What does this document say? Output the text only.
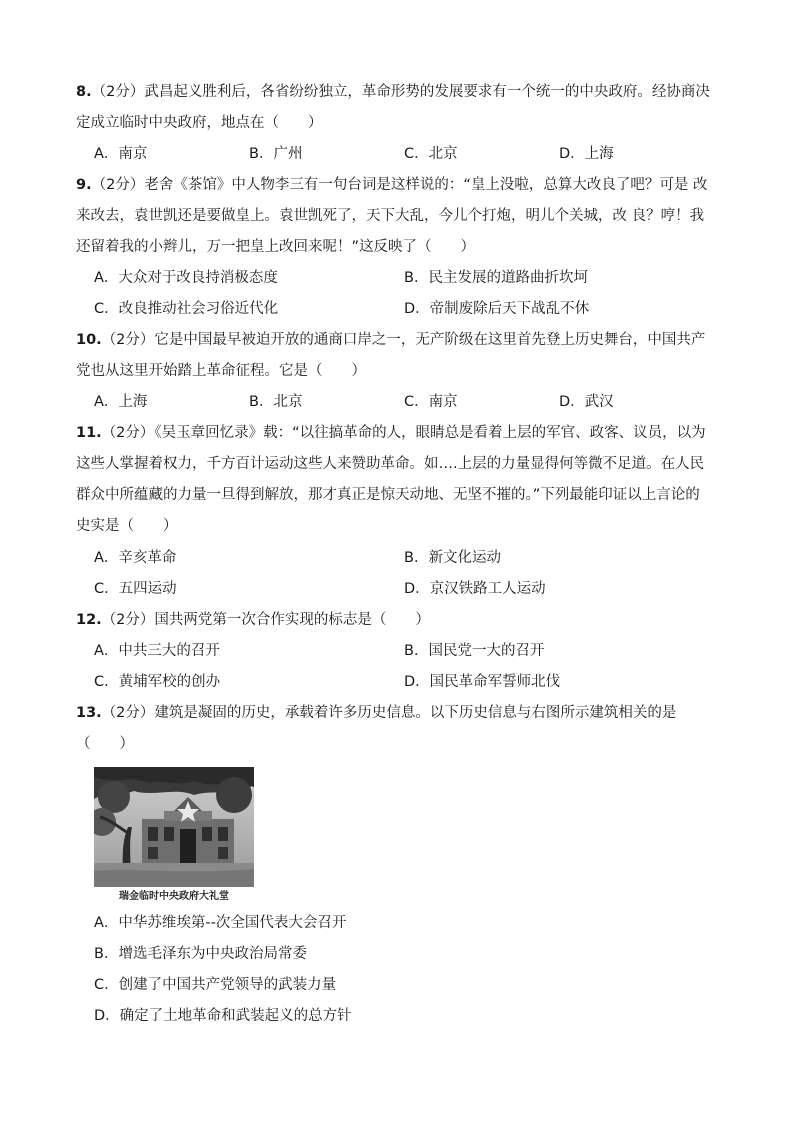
8.（2分）武昌起义胜利后，各省纷纷独立，革命形势的发展要求有一个统一的中央政府。经协商决
定成立临时中央政府，地点在（　　）
A．南京	B．广州	C．北京	D．上海
9.（2分）老舍《茶馆》中人物李三有一句台词是这样说的：“皇上没啦，总算大改良了吧？可是 改
来改去，袁世凯还是要做皇上。袁世凯死了，天下大乱，今儿个打炮，明儿个关城，改 良？哼！我
还留着我的小辫儿，万一把皇上改回来呢！”这反映了（　　）
A．大众对于改良持消极态度	B．民主发展的道路曲折坎坷
C．改良推动社会习俗近代化	D．帝制废除后天下战乱不休
10.（2分）它是中国最早被迫开放的通商口岸之一，无产阶级在这里首先登上历史舞台，中国共产
党也从这里开始踏上革命征程。它是（　　）
A．上海	B．北京	C．南京	D．武汉
11.（2分）《吴玉章回忆录》载：“以往搞革命的人，眼睛总是看着上层的军官、政客、议员，以为
这些人掌握着权力，千方百计运动这些人来赞助革命。如….上层的力量显得何等微不足道。在人民
群众中所蕴藏的力量一旦得到解放，那才真正是惊天动地、无坚不摧的。”下列最能印证以上言论的
史实是（　　）
A．辛亥革命	B．新文化运动
C．五四运动	D．京汉铁路工人运动
12.（2分）国共两党第一次合作实现的标志是（　　）
A．中共三大的召开	B．国民党一大的召开
C．黄埔军校的创办	D．国民革命军誓师北伐
13.（2分）建筑是凝固的历史，承载着许多历史信息。以下历史信息与右图所示建筑相关的是
（　　）
瑞金临时中央政府大礼堂
A．中华苏维埃第--次全国代表大会召开
B．增选毛泽东为中央政治局常委
C．创建了中国共产党领导的武装力量
D．确定了土地革命和武装起义的总方针
